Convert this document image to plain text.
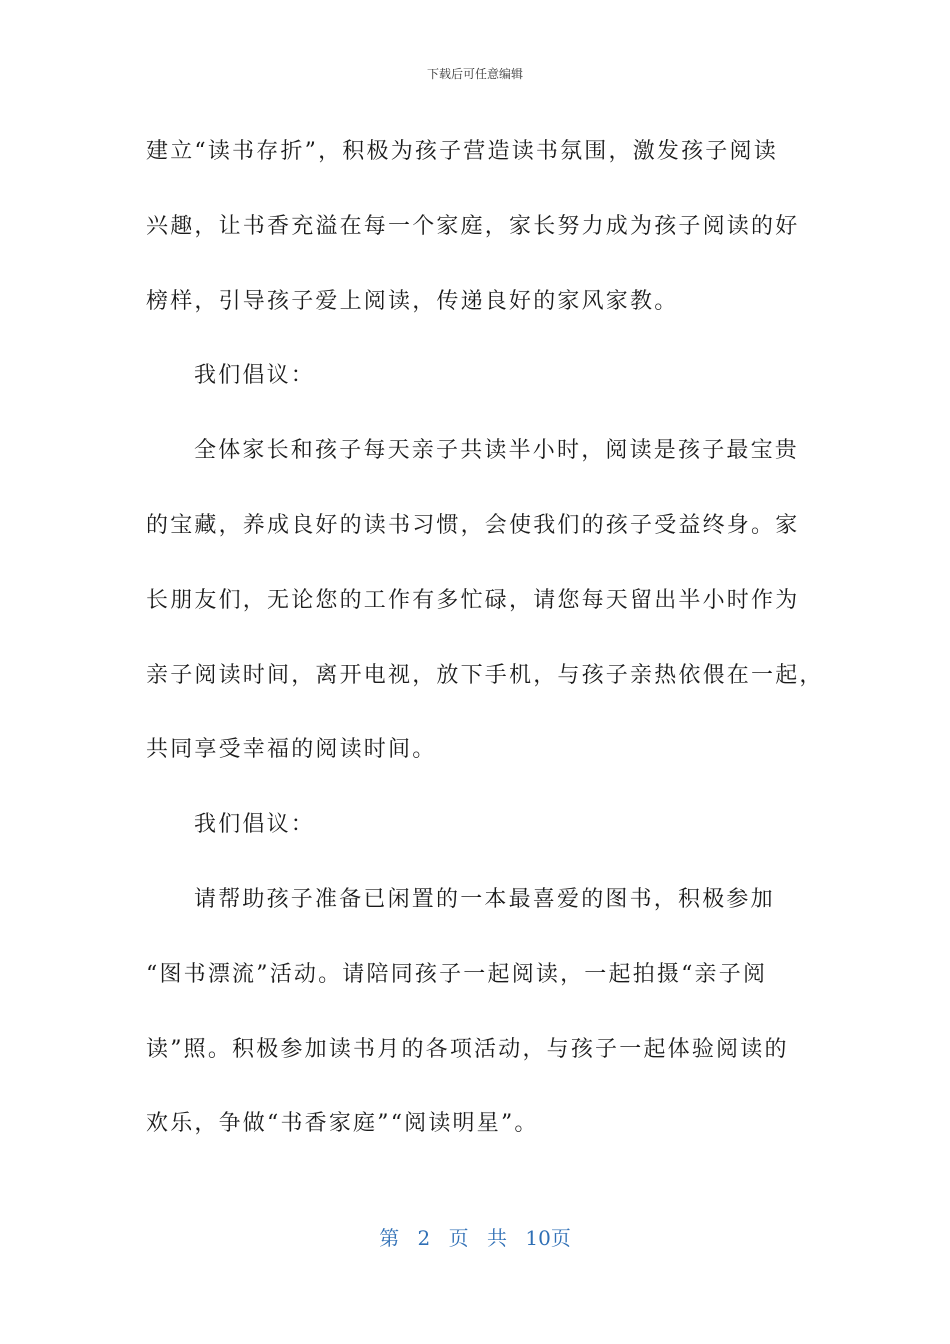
下载后可任意编辑

建立“读书存折”，积极为孩子营造读书氛围，激发孩子阅读
兴趣，让书香充溢在每一个家庭，家长努力成为孩子阅读的好
榜样，引导孩子爱上阅读，传递良好的家风家教。

我们倡议：

全体家长和孩子每天亲子共读半小时，阅读是孩子最宝贵
的宝藏，养成良好的读书习惯，会使我们的孩子受益终身。家
长朋友们，无论您的工作有多忙碌，请您每天留出半小时作为
亲子阅读时间，离开电视，放下手机，与孩子亲热依偎在一起，
共同享受幸福的阅读时间。

我们倡议：

请帮助孩子准备已闲置的一本最喜爱的图书，积极参加
“图书漂流”活动。请陪同孩子一起阅读，一起拍摄“亲子阅
读”照。积极参加读书月的各项活动，与孩子一起体验阅读的
欢乐，争做“书香家庭”“阅读明星”。

第 2 页 共 10页
